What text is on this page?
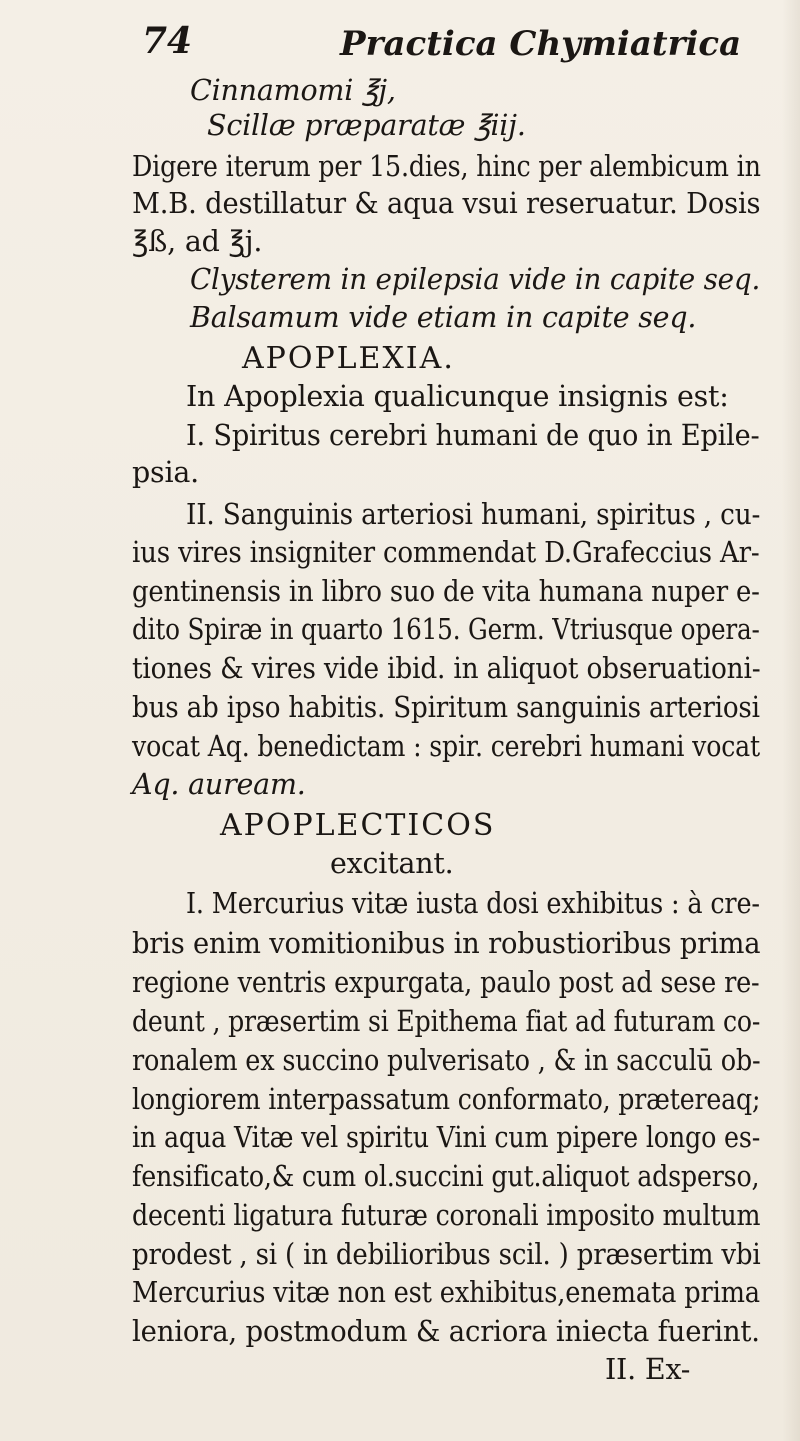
74	Practica Chymiatrica
Cinnamomi ℥j,
Scillæ præparatæ ℥iij.
Digere iterum per 15.dies, hinc per alembicum in
M.B. destillatur & aqua vsui reseruatur. Dosis
℥ß, ad ℥j.
Clysterem in epilepsia vide in capite seq.
Balsamum vide etiam in capite seq.
APOPLEXIA.
In Apoplexia qualicunque insignis est:
I. Spiritus cerebri humani de quo in Epile-
psia.
II. Sanguinis arteriosi humani, spiritus , cu-
ius vires insigniter commendat D.Grafeccius Ar-
gentinensis in libro suo de vita humana nuper e-
dito Spiræ in quarto 1615. Germ. Vtriusque opera-
tiones & vires vide ibid. in aliquot obseruationi-
bus ab ipso habitis. Spiritum sanguinis arteriosi
vocat Aq. benedictam : spir. cerebri humani vocat
Aq. auream.
APOPLECTICOS
excitant.
I. Mercurius vitæ iusta dosi exhibitus : à cre-
bris enim vomitionibus in robustioribus prima
regione ventris expurgata, paulo post ad sese re-
deunt , præsertim si Epithema fiat ad futuram co-
ronalem ex succino pulverisato , & in sacculū ob-
longiorem interpassatum conformato, prætereaq;
in aqua Vitæ vel spiritu Vini cum pipere longo es-
fensificato,& cum ol.succini gut.aliquot adsperso,
decenti ligatura futuræ coronali imposito multum
prodest , si ( in debilioribus scil. ) præsertim vbi
Mercurius vitæ non est exhibitus,enemata prima
leniora, postmodum & acriora iniecta fuerint.
II. Ex-
